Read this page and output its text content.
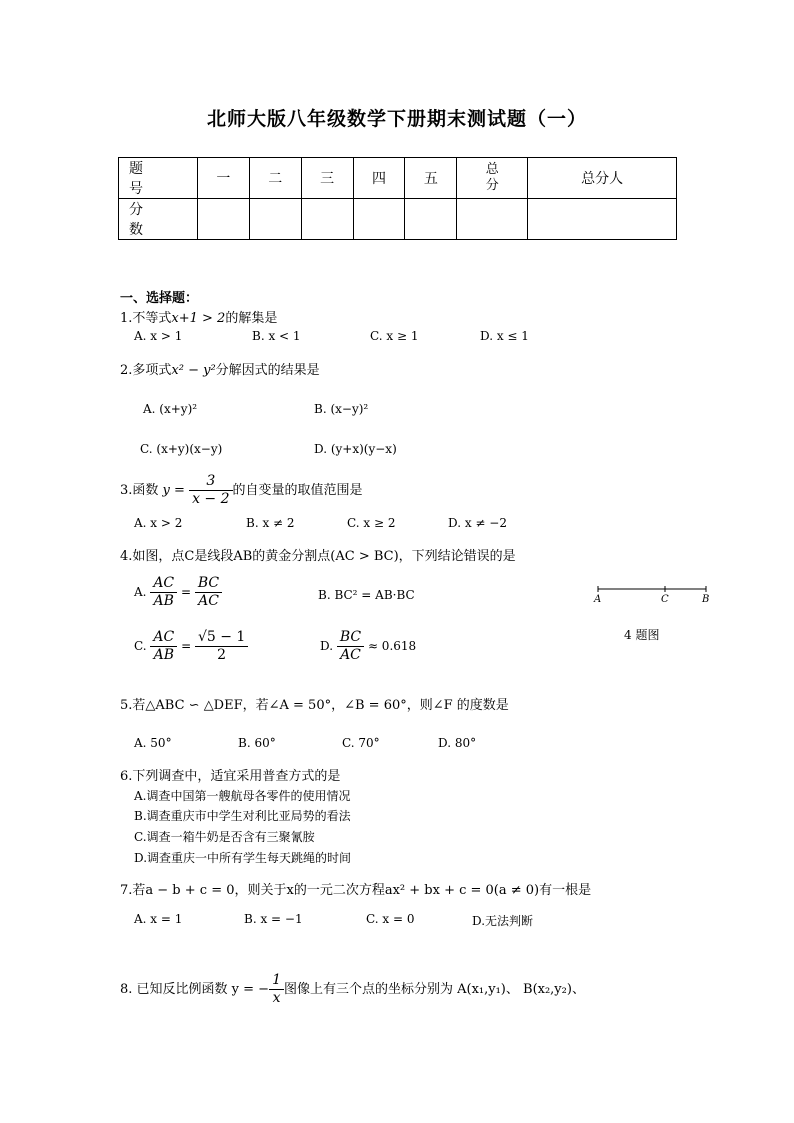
北师大版八年级数学下册期末测试题（一）
题 号	一	二	三	四	五	总分	总分人
分 数							
一、选择题：
1.不等式x+1 > 2的解集是
A. x > 1	B. x < 1	C. x ≥ 1	D. x ≤ 1
2.多项式x² − y²分解因式的结果是
A. (x+y)²	B. (x−y)²
C. (x+y)(x−y)	D. (y+x)(y−x)
3.函数 $y = \frac{3}{x - 2}$ 的自变量的取值范围是
A. x > 2	B. x ≠ 2	C. x ≥ 2	D. x ≠ −2
4.如图，点C是线段AB的黄金分割点(AC > BC)，下列结论错误的是
A. $\frac{AC}{AB} = \frac{BC}{AC}$	B. BC² = AB·BC
C. $\frac{AC}{AB} = \frac{√5 - 1}{2}$	D. $\frac{BC}{AC} \approx 0.618$
A	C	B
4 题图
5.若△ABC ∽ △DEF，若∠A = 50°，∠B = 60°，则∠F 的度数是
A. 50°	B. 60°	C. 70°	D. 80°
6.下列调查中，适宜采用普查方式的是
A.调查中国第一艘航母各零件的使用情况
B.调查重庆市中学生对利比亚局势的看法
C.调查一箱牛奶是否含有三聚氰胺
D.调查重庆一中所有学生每天跳绳的时间
7.若a − b + c = 0，则关于x的一元二次方程ax² + bx + c = 0(a ≠ 0)有一根是
A. x = 1	B. x = −1	C. x = 0	D.无法判断
8. 已知反比例函数 y = − $\frac{1}{x}$ 图像上有三个点的坐标分别为 A(x₁,y₁)、 B(x₂,y₂)、
